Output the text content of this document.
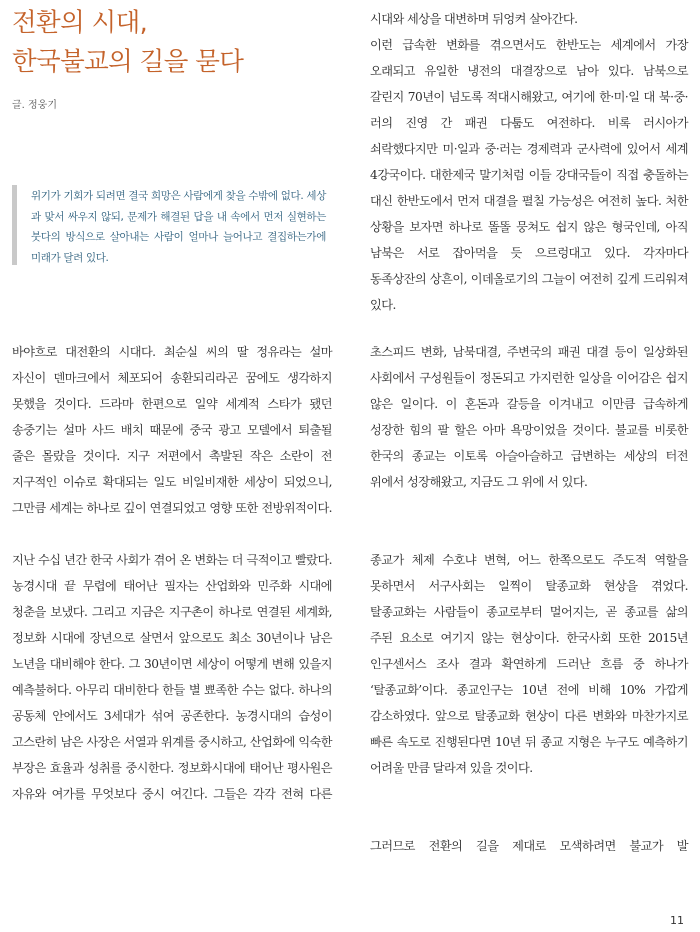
전환의 시대,
한국불교의 길을 묻다
글. 정웅기

위기가 기회가 되려면 결국 희망은 사람에게 찾을 수밖에 없다. 세상과 맞서 싸우지 않되, 문제가 해결된 답을 내 속에서 먼저 실현하는 붓다의 방식으로 살아내는 사람이 얼마나 늘어나고 결집하는가에 미래가 달려 있다.

바야흐로 대전환의 시대다. 최순실 씨의 딸 정유라는 설마 자신이 덴마크에서 체포되어 송환되리라곤 꿈에도 생각하지 못했을 것이다. 드라마 한편으로 일약 세계적 스타가 됐던 송중기는 설마 사드 배치 때문에 중국 광고 모델에서 퇴출될 줄은 몰랐을 것이다. 지구 저편에서 촉발된 작은 소란이 전 지구적인 이슈로 확대되는 일도 비일비재한 세상이 되었으니, 그만큼 세계는 하나로 깊이 연결되었고 영향 또한 전방위적이다.

지난 수십 년간 한국 사회가 겪어 온 변화는 더 극적이고 빨랐다. 농경시대 끝 무렵에 태어난 필자는 산업화와 민주화 시대에 청춘을 보냈다. 그리고 지금은 지구촌이 하나로 연결된 세계화, 정보화 시대에 장년으로 살면서 앞으로도 최소 30년이나 남은 노년을 대비해야 한다. 그 30년이면 세상이 어떻게 변해 있을지 예측불허다. 아무리 대비한다 한들 별 뾰족한 수는 없다. 하나의 공동체 안에서도 3세대가 섞여 공존한다. 농경시대의 습성이 고스란히 남은 사장은 서열과 위계를 중시하고, 산업화에 익숙한 부장은 효율과 성취를 중시한다. 정보화시대에 태어난 평사원은 자유와 여가를 무엇보다 중시 여긴다. 그들은 각각 전혀 다른

시대와 세상을 대변하며 뒤엉켜 살아간다.

이런 급속한 변화를 겪으면서도 한반도는 세계에서 가장 오래되고 유일한 냉전의 대결장으로 남아 있다. 남북으로 갈린지 70년이 넘도록 적대시해왔고, 여기에 한·미·일 대 북·중·러의 진영 간 패권 다툼도 여전하다. 비록 러시아가 쇠락했다지만 미·일과 중·러는 경제력과 군사력에 있어서 세계 4강국이다. 대한제국 말기처럼 이들 강대국들이 직접 충돌하는 대신 한반도에서 먼저 대결을 펼칠 가능성은 여전히 높다. 처한 상황을 보자면 하나로 똘똘 뭉쳐도 쉽지 않은 형국인데, 아직 남북은 서로 잡아먹을 듯 으르렁대고 있다. 각자마다 동족상잔의 상흔이, 이데올로기의 그늘이 여전히 깊게 드리워져 있다.

초스피드 변화, 남북대결, 주변국의 패권 대결 등이 일상화된 사회에서 구성원들이 정돈되고 가지런한 일상을 이어감은 쉽지 않은 일이다. 이 혼돈과 갈등을 이겨내고 이만큼 급속하게 성장한 힘의 팔 할은 아마 욕망이었을 것이다. 불교를 비롯한 한국의 종교는 이토록 아슬아슬하고 급변하는 세상의 터전 위에서 성장해왔고, 지금도 그 위에 서 있다.

종교가 체제 수호냐 변혁, 어느 한쪽으로도 주도적 역할을 못하면서 서구사회는 일찍이 탈종교화 현상을 겪었다. 탈종교화는 사람들이 종교로부터 멀어지는, 곧 종교를 삶의 주된 요소로 여기지 않는 현상이다. 한국사회 또한 2015년 인구센서스 조사 결과 확연하게 드러난 흐름 중 하나가 ‘탈종교화’이다. 종교인구는 10년 전에 비해 10% 가깝게 감소하였다. 앞으로 탈종교화 현상이 다른 변화와 마찬가지로 빠른 속도로 진행된다면 10년 뒤 종교 지형은 누구도 예측하기 어려울 만큼 달라져 있을 것이다.

그러므로 전환의 길을 제대로 모색하려면 불교가 발

11
